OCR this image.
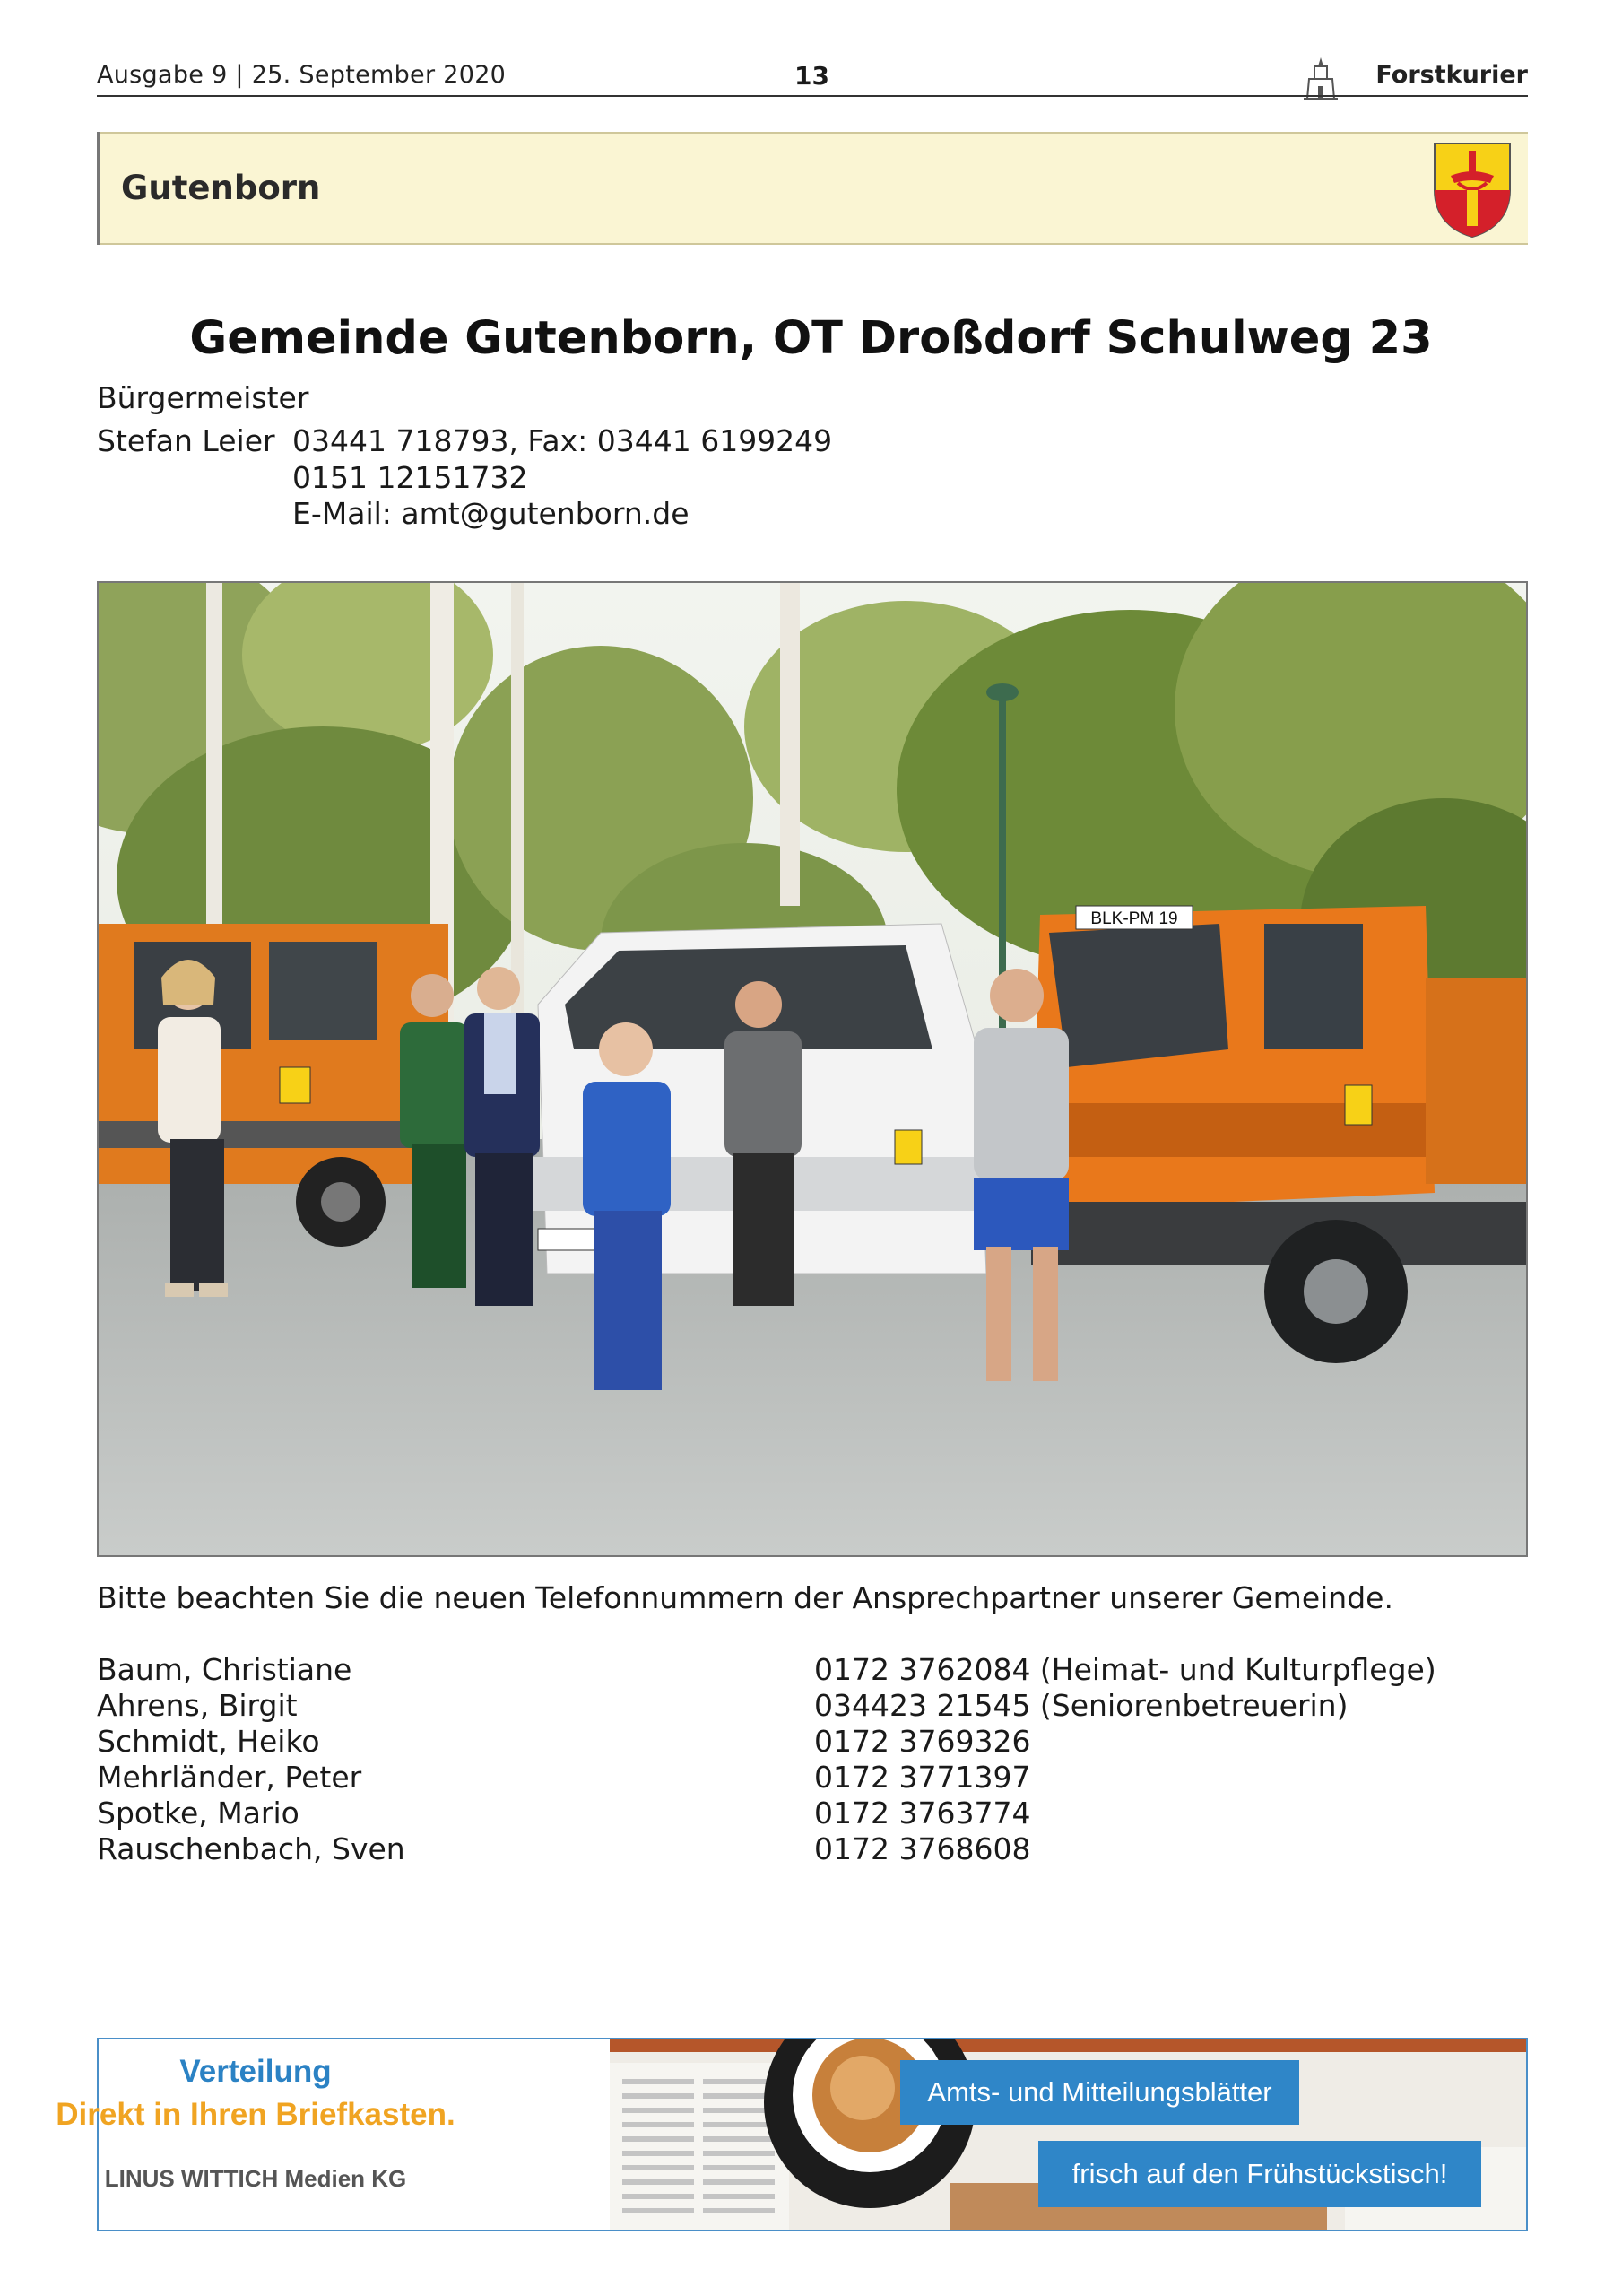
Ausgabe 9 | 25. September 2020	13	Forstkurier
Gutenborn
Gemeinde Gutenborn, OT Droßdorf Schulweg 23
Bürgermeister
Stefan Leier 03441 718793, Fax: 03441 6199249
0151 12151732
E-Mail: amt@gutenborn.de
BLK-PM 19
Bitte beachten Sie die neuen Telefonnummern der Ansprechpartner unserer Gemeinde.
Baum, Christiane	0172 3762084 (Heimat- und Kulturpflege)
Ahrens, Birgit	034423 21545 (Seniorenbetreuerin)
Schmidt, Heiko	0172 3769326
Mehrländer, Peter	0172 3771397
Spotke, Mario	0172 3763774
Rauschenbach, Sven	0172 3768608
Verteilung
Direkt in Ihren Briefkasten.
LINUS WITTICH Medien KG
Amts- und Mitteilungsblätter
frisch auf den Frühstückstisch!
